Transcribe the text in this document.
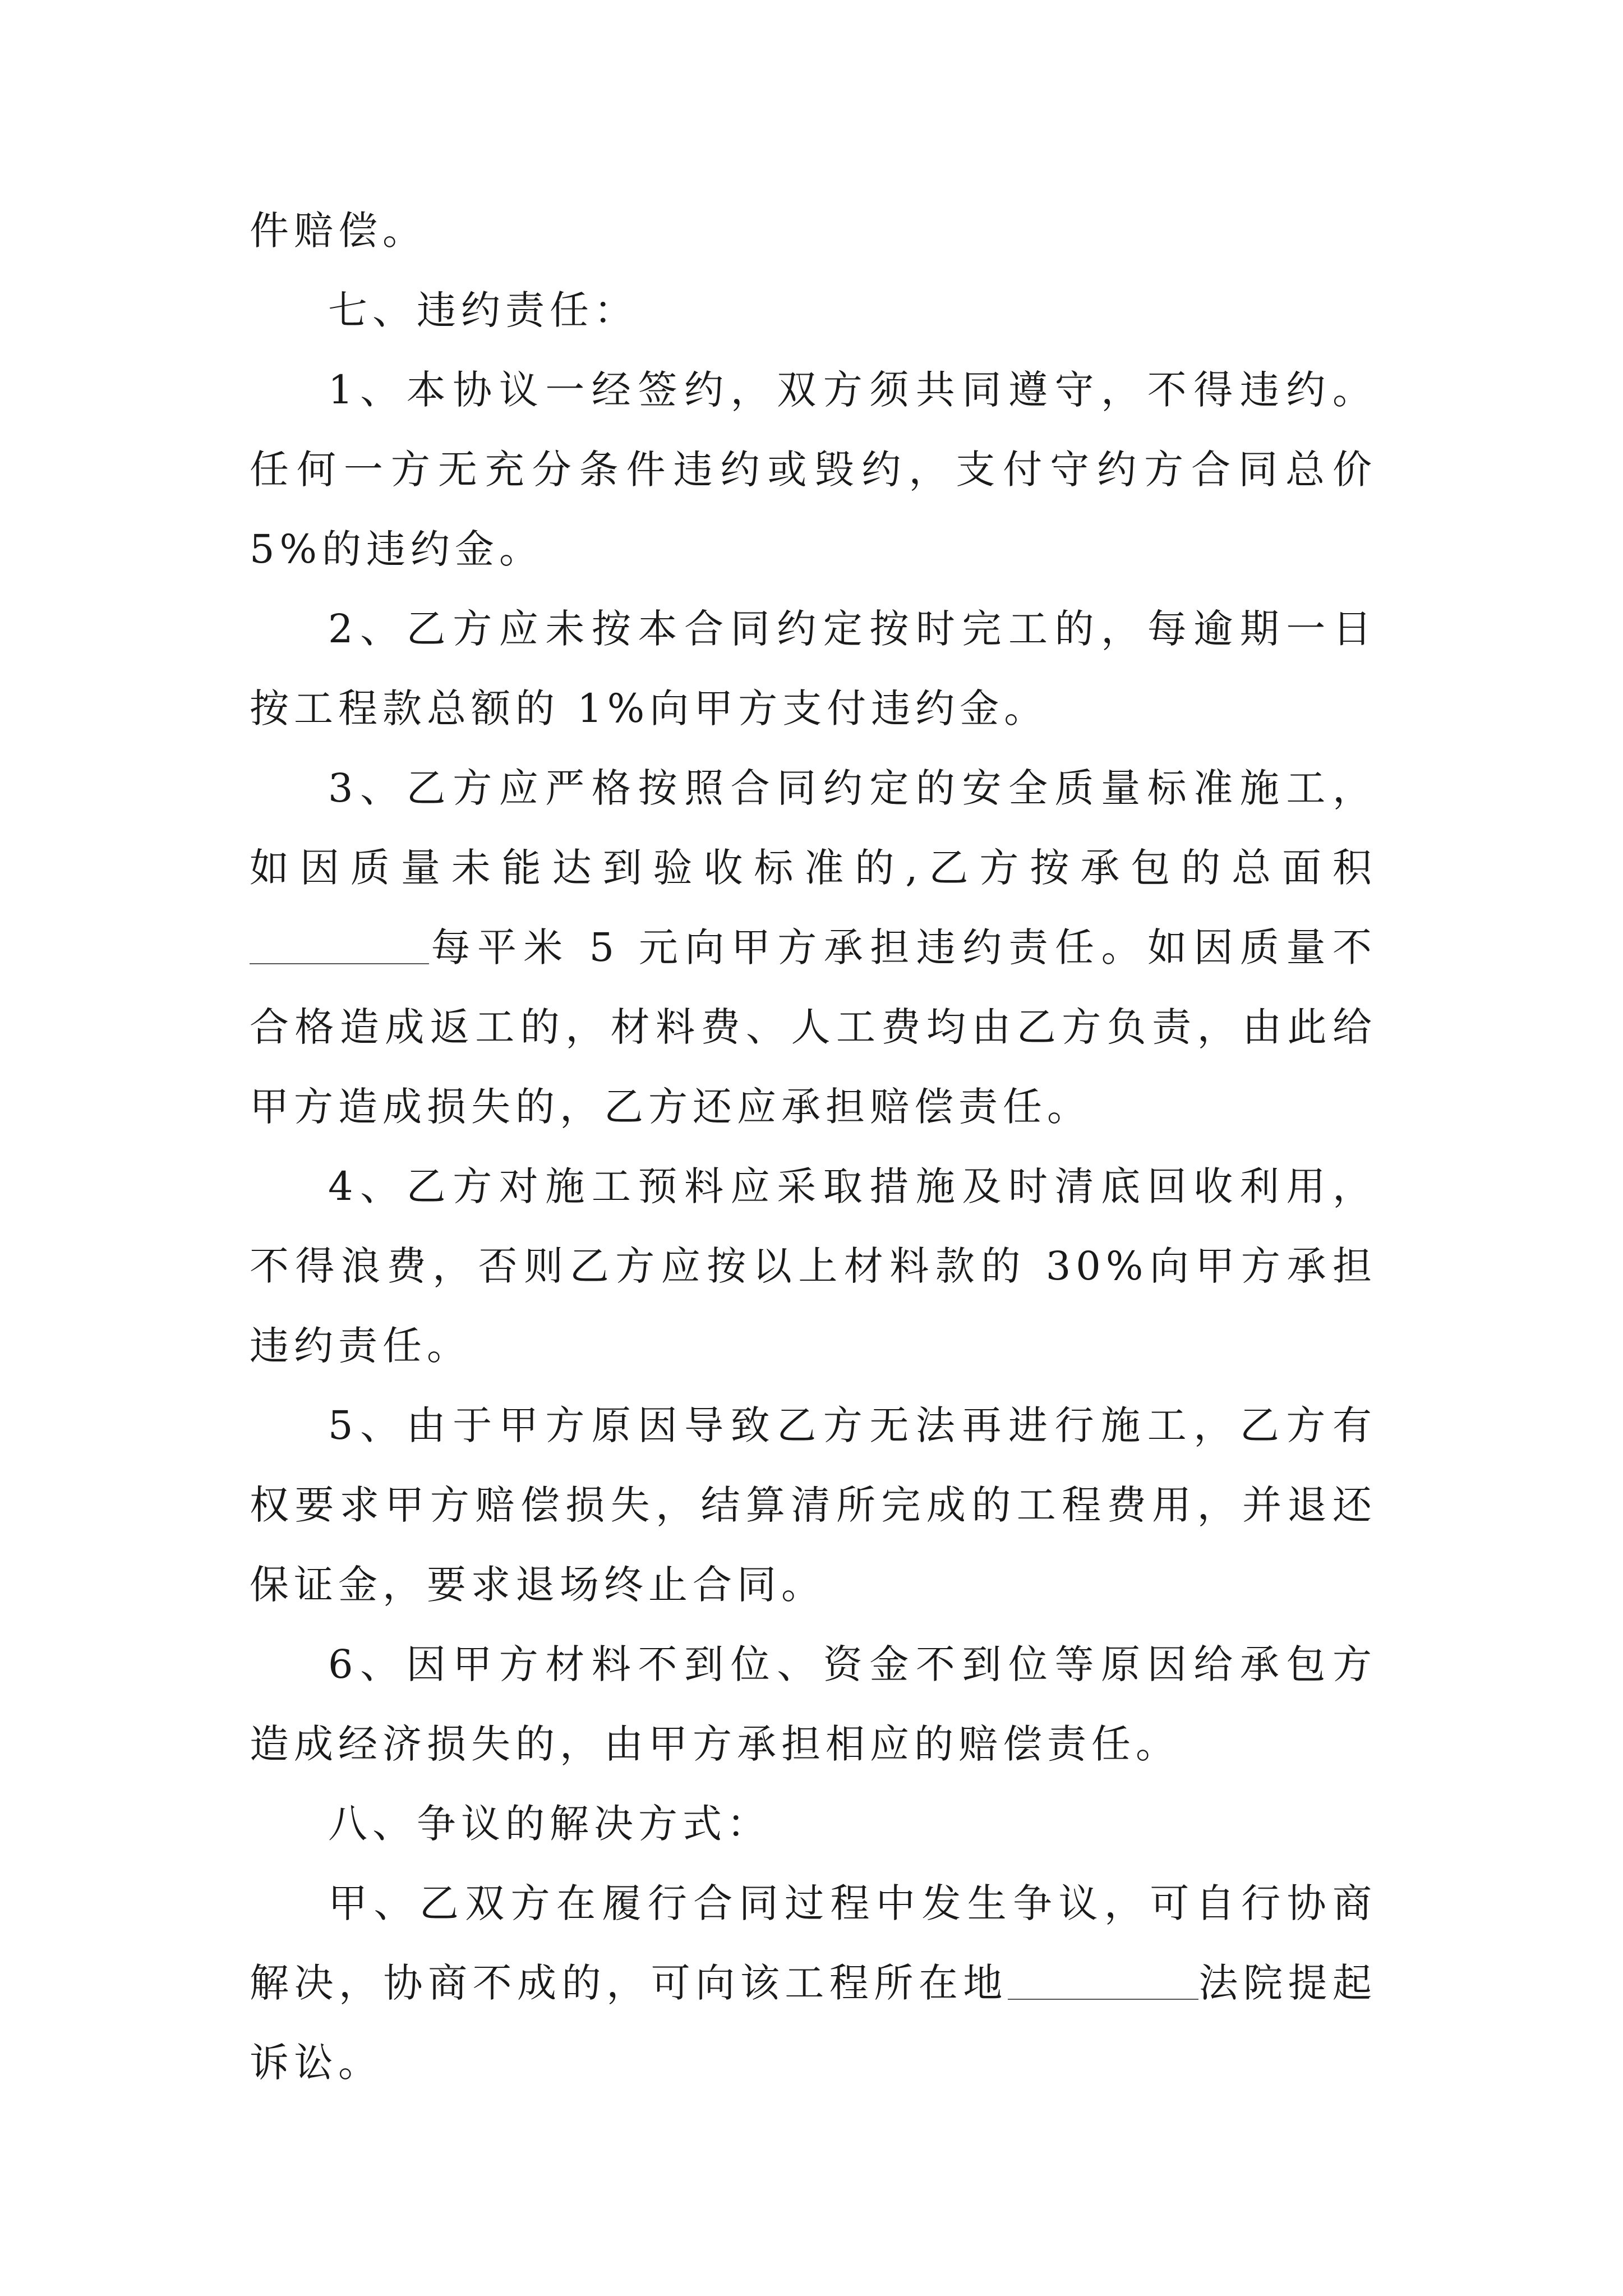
件赔偿。

七、违约责任：

1、本协议一经签约，双方须共同遵守，不得违约。任何一方无充分条件违约或毁约，支付守约方合同总价 5%的违约金。

2、乙方应未按本合同约定按时完工的，每逾期一日按工程款总额的 1%向甲方支付违约金。

3、乙方应严格按照合同约定的安全质量标准施工，如因质量未能达到验收标准的,乙方按承包的总面积每平米 5 元向甲方承担违约责任。如因质量不合格造成返工的，材料费、人工费均由乙方负责，由此给甲方造成损失的，乙方还应承担赔偿责任。

4、乙方对施工预料应采取措施及时清底回收利用，不得浪费，否则乙方应按以上材料款的 30%向甲方承担违约责任。

5、由于甲方原因导致乙方无法再进行施工，乙方有权要求甲方赔偿损失，结算清所完成的工程费用，并退还保证金，要求退场终止合同。

6、因甲方材料不到位、资金不到位等原因给承包方造成经济损失的，由甲方承担相应的赔偿责任。

八、争议的解决方式：

甲、乙双方在履行合同过程中发生争议，可自行协商解决，协商不成的，可向该工程所在地	法院提起诉讼。
